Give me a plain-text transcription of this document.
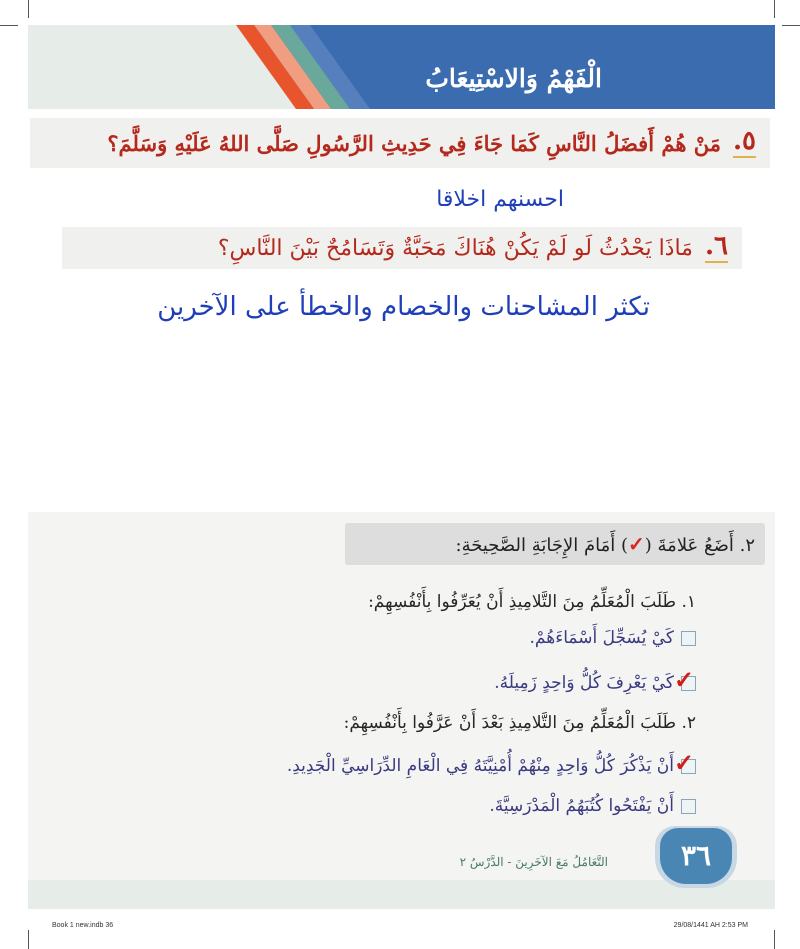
الْفَهْمُ وَالاسْتِيعَابُ
٥.
مَنْ هُمْ أَفضَلُ النَّاسِ كَمَا جَاءَ فِي حَدِيثِ الرَّسُولِ صَلَّى اللهُ عَلَيْهِ وَسَلَّمَ؟
احسنهم اخلاقا
٦.
مَاذَا يَحْدُثُ لَو لَمْ يَكُنْ هُنَاكَ مَحَبَّةٌ وَتَسَامُحٌ بَيْنَ النَّاسِ؟
تكثر المشاحنات والخصام والخطأ على الآخرين
٢. أَضَعُ عَلامَةَ (✓) أَمَامَ الإِجَابَةِ الصَّحِيحَةِ:
١. طَلَبَ الْمُعَلِّمُ مِنَ التَّلامِيذِ أَنْ يُعَرِّفُوا بِأَنْفُسِهِمْ:
كَيْ يُسَجِّلَ أَسْمَاءَهُمْ.
✓
كَيْ يَعْرِفَ كُلُّ وَاحِدٍ زَمِيلَهُ.
٢. طَلَبَ الْمُعَلِّمُ مِنَ التَّلامِيذِ بَعْدَ أَنْ عَرَّفُوا بِأَنْفُسِهِمْ:
✓
أَنْ يَذْكُرَ كُلُّ وَاحِدٍ مِنْهُمْ أُمْنِيَّتَهُ فِي الْعَامِ الدِّرَاسِيِّ الْجَدِيدِ.
أَنْ يَفْتَحُوا كُتُبَهُمُ الْمَدْرَسِيَّةَ.
٣٦
التَّعَامُلُ مَعَ الآخَرِينَ - الدَّرْسُ ٢
Book 1 new.indb 36	29/08/1441 AH 2:53 PM
